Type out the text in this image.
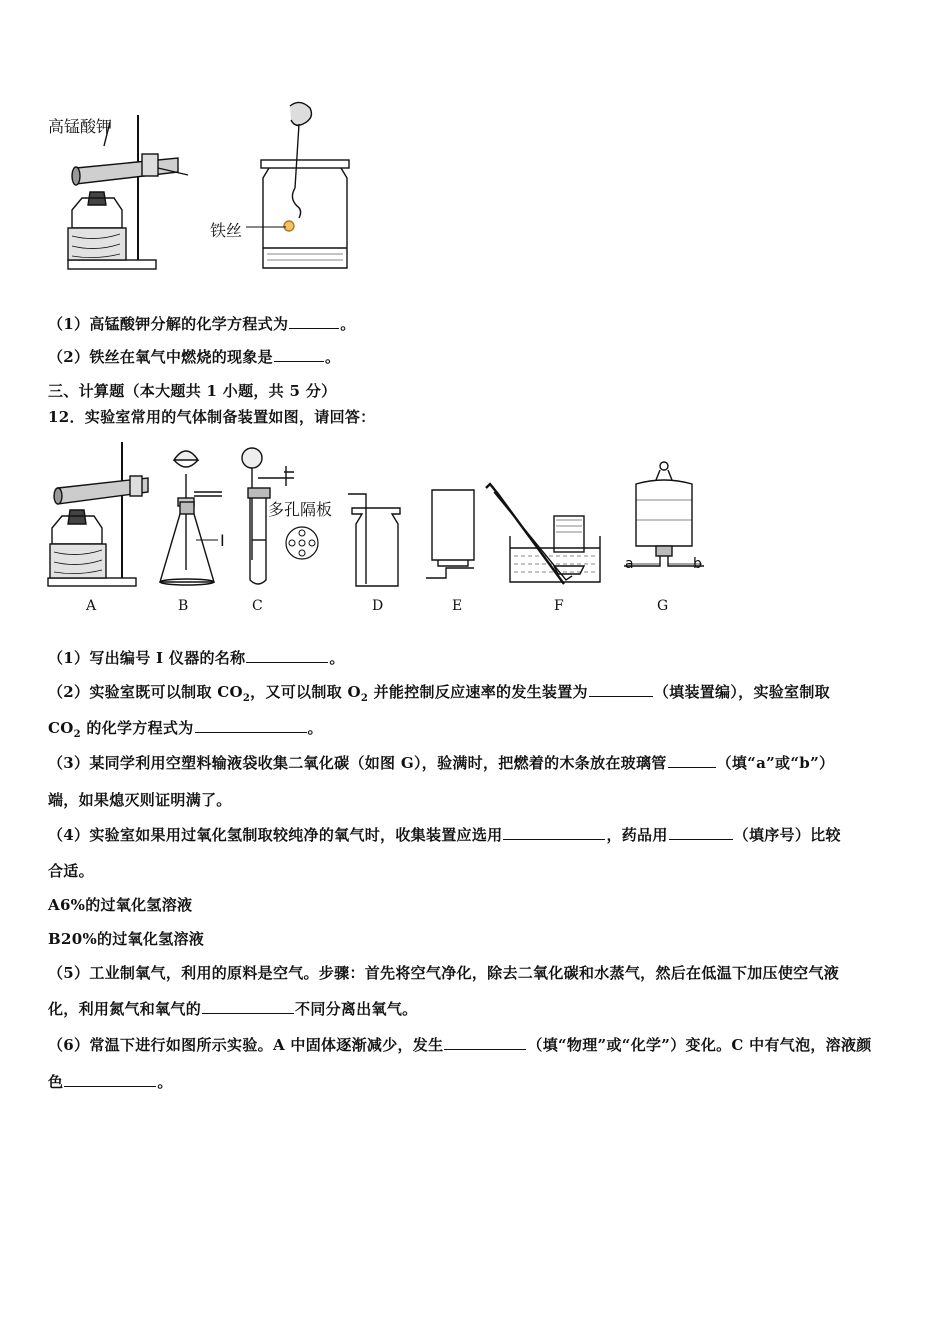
高锰酸钾
铁丝
（1）高锰酸钾分解的化学方程式为	。
（2）铁丝在氧气中燃烧的现象是	。
三、计算题（本大题共 1 小题，共 5 分）
12．实验室常用的气体制备装置如图，请回答：
I
多孔隔板
a	b
A	B	C	D	E	F	G
（1）写出编号 I 仪器的名称	。
（2）实验室既可以制取 $CO_2$，又可以制取 $O_2$ 并能控制反应速率的发生装置为	（填装置编），实验室制取
$CO_2$ 的化学方程式为	。
（3）某同学利用空塑料输液袋收集二氧化碳（如图 G），验满时，把燃着的木条放在玻璃管	（填“a”或“b”）
端，如果熄灭则证明满了。
（4）实验室如果用过氧化氢制取较纯净的氧气时，收集装置应选用	，药品用	（填序号）比较
合适。
A6%的过氧化氢溶液
B20%的过氧化氢溶液
（5）工业制氧气，利用的原料是空气。步骤：首先将空气净化，除去二氧化碳和水蒸气，然后在低温下加压使空气液
化，利用氮气和氧气的	不同分离出氧气。
（6）常温下进行如图所示实验。A 中固体逐渐减少，发生	（填“物理”或“化学”）变化。C 中有气泡，溶液颜
色	。
